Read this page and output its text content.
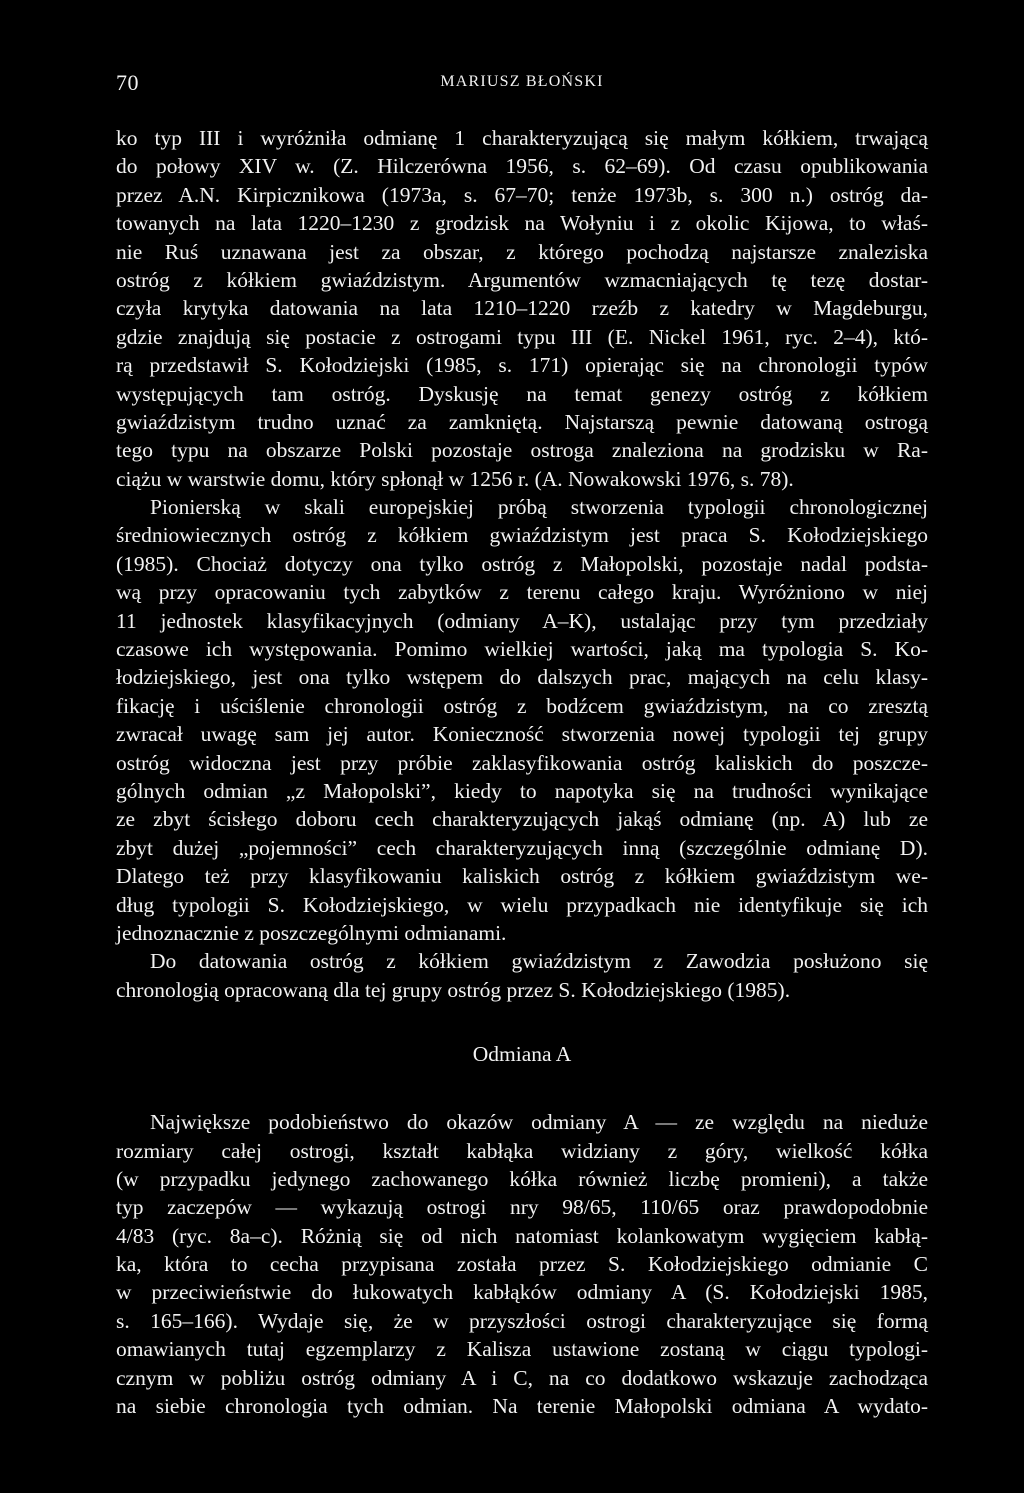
70	MARIUSZ BŁOŃSKI
ko typ III i wyróżniła odmianę 1 charakteryzującą się małym kółkiem, trwającą
do połowy XIV w. (Z. Hilczerówna 1956, s. 62–69). Od czasu opublikowania
przez A.N. Kirpicznikowa (1973a, s. 67–70; tenże 1973b, s. 300 n.) ostróg da-
towanych na lata 1220–1230 z grodzisk na Wołyniu i z okolic Kijowa, to właś-
nie Ruś uznawana jest za obszar, z którego pochodzą najstarsze znaleziska
ostróg z kółkiem gwiaździstym. Argumentów wzmacniających tę tezę dostar-
czyła krytyka datowania na lata 1210–1220 rzeźb z katedry w Magdeburgu,
gdzie znajdują się postacie z ostrogami typu III (E. Nickel 1961, ryc. 2–4), któ-
rą przedstawił S. Kołodziejski (1985, s. 171) opierając się na chronologii typów
występujących tam ostróg. Dyskusję na temat genezy ostróg z kółkiem
gwiaździstym trudno uznać za zamkniętą. Najstarszą pewnie datowaną ostrogą
tego typu na obszarze Polski pozostaje ostroga znaleziona na grodzisku w Ra-
ciążu w warstwie domu, który spłonął w 1256 r. (A. Nowakowski 1976, s. 78).
Pionierską w skali europejskiej próbą stworzenia typologii chronologicznej
średniowiecznych ostróg z kółkiem gwiaździstym jest praca S. Kołodziejskiego
(1985). Chociaż dotyczy ona tylko ostróg z Małopolski, pozostaje nadal podsta-
wą przy opracowaniu tych zabytków z terenu całego kraju. Wyróżniono w niej
11 jednostek klasyfikacyjnych (odmiany A–K), ustalając przy tym przedziały
czasowe ich występowania. Pomimo wielkiej wartości, jaką ma typologia S. Ko-
łodziejskiego, jest ona tylko wstępem do dalszych prac, mających na celu klasy-
fikację i uściślenie chronologii ostróg z bodźcem gwiaździstym, na co zresztą
zwracał uwagę sam jej autor. Konieczność stworzenia nowej typologii tej grupy
ostróg widoczna jest przy próbie zaklasyfikowania ostróg kaliskich do poszcze-
gólnych odmian „z Małopolski”, kiedy to napotyka się na trudności wynikające
ze zbyt ścisłego doboru cech charakteryzujących jakąś odmianę (np. A) lub ze
zbyt dużej „pojemności” cech charakteryzujących inną (szczególnie odmianę D).
Dlatego też przy klasyfikowaniu kaliskich ostróg z kółkiem gwiaździstym we-
dług typologii S. Kołodziejskiego, w wielu przypadkach nie identyfikuje się ich
jednoznacznie z poszczególnymi odmianami.
Do datowania ostróg z kółkiem gwiaździstym z Zawodzia posłużono się
chronologią opracowaną dla tej grupy ostróg przez S. Kołodziejskiego (1985).
Odmiana A
Największe podobieństwo do okazów odmiany A — ze względu na nieduże
rozmiary całej ostrogi, kształt kabłąka widziany z góry, wielkość kółka
(w przypadku jedynego zachowanego kółka również liczbę promieni), a także
typ zaczepów — wykazują ostrogi nry 98/65, 110/65 oraz prawdopodobnie
4/83 (ryc. 8a–c). Różnią się od nich natomiast kolankowatym wygięciem kabłą-
ka, która to cecha przypisana została przez S. Kołodziejskiego odmianie C
w przeciwieństwie do łukowatych kabłąków odmiany A (S. Kołodziejski 1985,
s. 165–166). Wydaje się, że w przyszłości ostrogi charakteryzujące się formą
omawianych tutaj egzemplarzy z Kalisza ustawione zostaną w ciągu typologi-
cznym w pobliżu ostróg odmiany A i C, na co dodatkowo wskazuje zachodząca
na siebie chronologia tych odmian. Na terenie Małopolski odmiana A wydato-
